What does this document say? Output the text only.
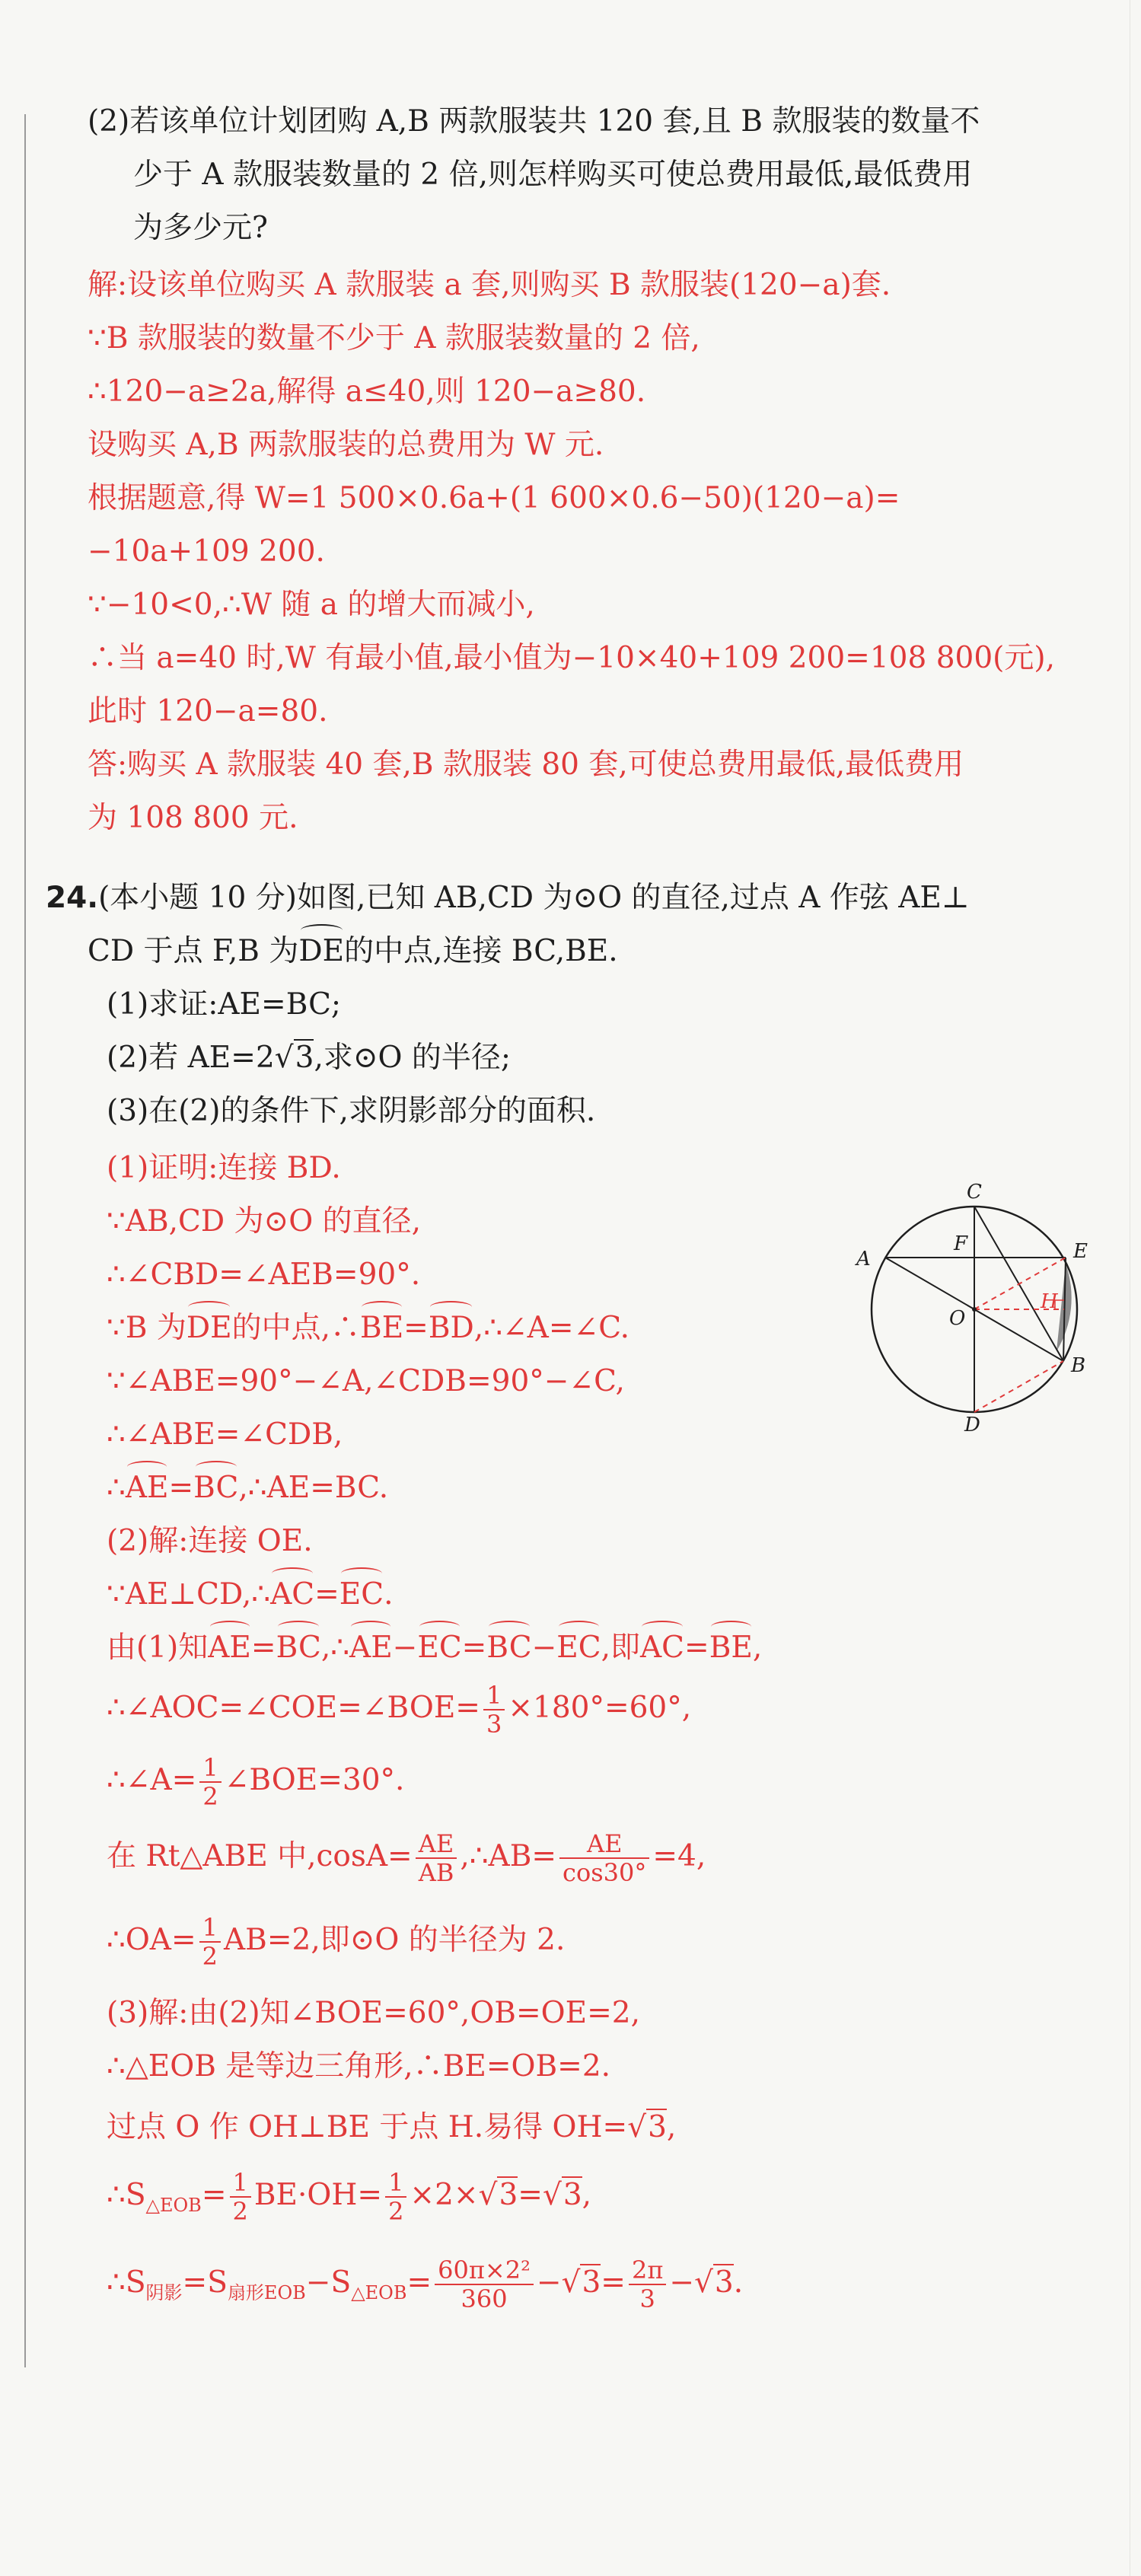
(2)若该单位计划团购 A,B 两款服装共 120 套,且 B 款服装的数量不
少于 A 款服装数量的 2 倍,则怎样购买可使总费用最低,最低费用
为多少元?
解:设该单位购买 A 款服装 a 套,则购买 B 款服装(120−a)套.
∵B 款服装的数量不少于 A 款服装数量的 2 倍,
∴120−a≥2a,解得 a≤40,则 120−a≥80.
设购买 A,B 两款服装的总费用为 W 元.
根据题意,得 W=1 500×0.6a+(1 600×0.6−50)(120−a)=
−10a+109 200.
∵−10<0,∴W 随 a 的增大而减小,
∴当 a=40 时,W 有最小值,最小值为−10×40+109 200=108 800(元),
此时 120−a=80.
答:购买 A 款服装 40 套,B 款服装 80 套,可使总费用最低,最低费用
为 108 800 元.
24.(本小题 10 分)如图,已知 AB,CD 为⊙O 的直径,过点 A 作弦 AE⊥
CD 于点 F,B 为DE的中点,连接 BC,BE.
(1)求证:AE=BC;
(2)若 AE=2√3,求⊙O 的半径;
(3)在(2)的条件下,求阴影部分的面积.
(1)证明:连接 BD.
∵AB,CD 为⊙O 的直径,
∴∠CBD=∠AEB=90°.
∵B 为DE的中点,∴BE=BD,∴∠A=∠C.
∵∠ABE=90°−∠A,∠CDB=90°−∠C,
∴∠ABE=∠CDB,
∴AE=BC,∴AE=BC.
(2)解:连接 OE.
∵AE⊥CD,∴AC=EC.
由(1)知AE=BC,∴AE−EC=BC−EC,即AC=BE,
∴∠AOC=∠COE=∠BOE= $\frac{1}{3} \times 180^\circ=60^\circ$,
∴∠A= $\frac{1}{2}$ ∠BOE=30°.
在 Rt△ABE 中$,\cos A= \frac{AE}{AB}$ ,∴AB= $\frac{AE}{\cos 30^\circ} =4$,
∴OA= $\frac{1}{2} AB=2$,即⊙O 的半径为 2.
(3)解:由(2)知∠BOE=60°,OB=OE=2,
∴△EOB 是等边三角形,∴BE=OB=2.
过点 O 作 OH⊥BE 于点 H.易得 OH=√3,
$\therefore S_{\triangle EOB}= \frac{1}{2} BE\cdot OH= \frac{1}{2} \times 2\times√3=√3$,
$\therefore S_{阴影}=S_{扇形EOB}-S_{\triangle EOB}= \frac{\text{60π×2²}}{360} -√3= \frac{2\pi}{3} -√3$.
C
A	E
F
O
H
B
D
